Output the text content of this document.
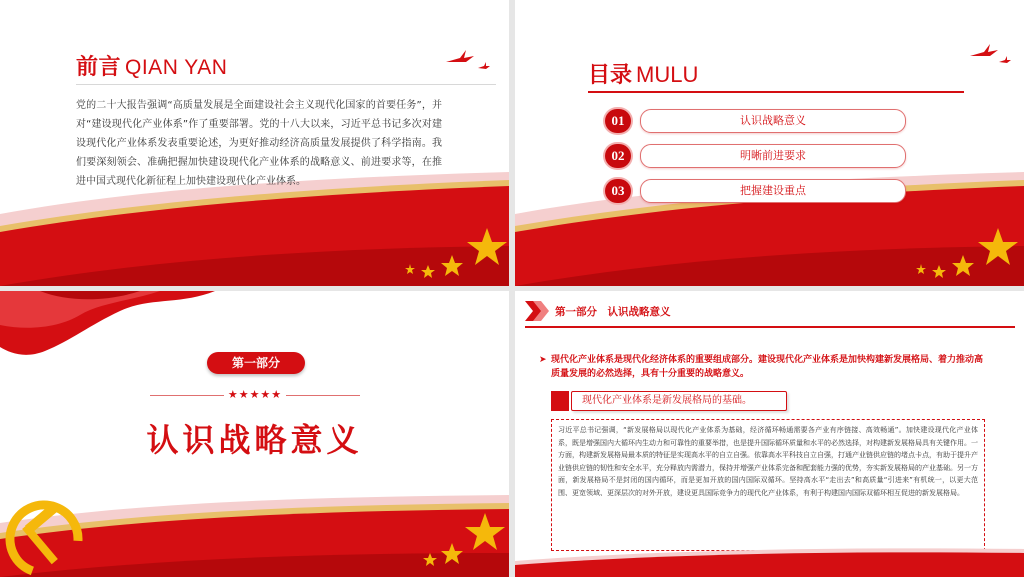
前言 QIAN YAN
党的二十大报告强调“高质量发展是全面建设社会主义现代化国家的首要任务”，并对“建设现代化产业体系”作了重要部署。党的十八大以来，习近平总书记多次对建设现代化产业体系发表重要论述，为更好推动经济高质量发展提供了科学指南。我们要深刻领会、准确把握加快建设现代化产业体系的战略意义、前进要求等，在推进中国式现代化新征程上加快建设现代化产业体系。
目录 MULU
01	认识战略意义
02	明晰前进要求
03	把握建设重点
第一部分
★★★★★
认识战略意义
第一部分　认识战略意义
➤ 现代化产业体系是现代化经济体系的重要组成部分。建设现代化产业体系是加快构建新发展格局、着力推动高质量发展的必然选择，具有十分重要的战略意义。
现代化产业体系是新发展格局的基础。
习近平总书记强调，“新发展格局以现代化产业体系为基础，经济循环畅通需要各产业有序链接、高效畅通”。加快建设现代化产业体系，既是增强国内大循环内生动力和可靠性的重要举措，也是提升国际循环质量和水平的必然选择，对构建新发展格局具有关键作用。一方面，构建新发展格局最本质的特征是实现高水平的自立自强。依靠高水平科技自立自强，打通产业链供应链的堵点卡点，有助于提升产业链供应链的韧性和安全水平，充分释放内需潜力，保持并增强产业体系完备和配套能力强的优势，夯实新发展格局的产业基础。另一方面，新发展格局不是封闭的国内循环，而是更加开放的国内国际双循环。坚持高水平“走出去”和高质量“引进来”有机统一，以更大范围、更宽领域、更深层次的对外开放，建设更具国际竞争力的现代化产业体系，有利于构建国内国际双循环相互促进的新发展格局。
